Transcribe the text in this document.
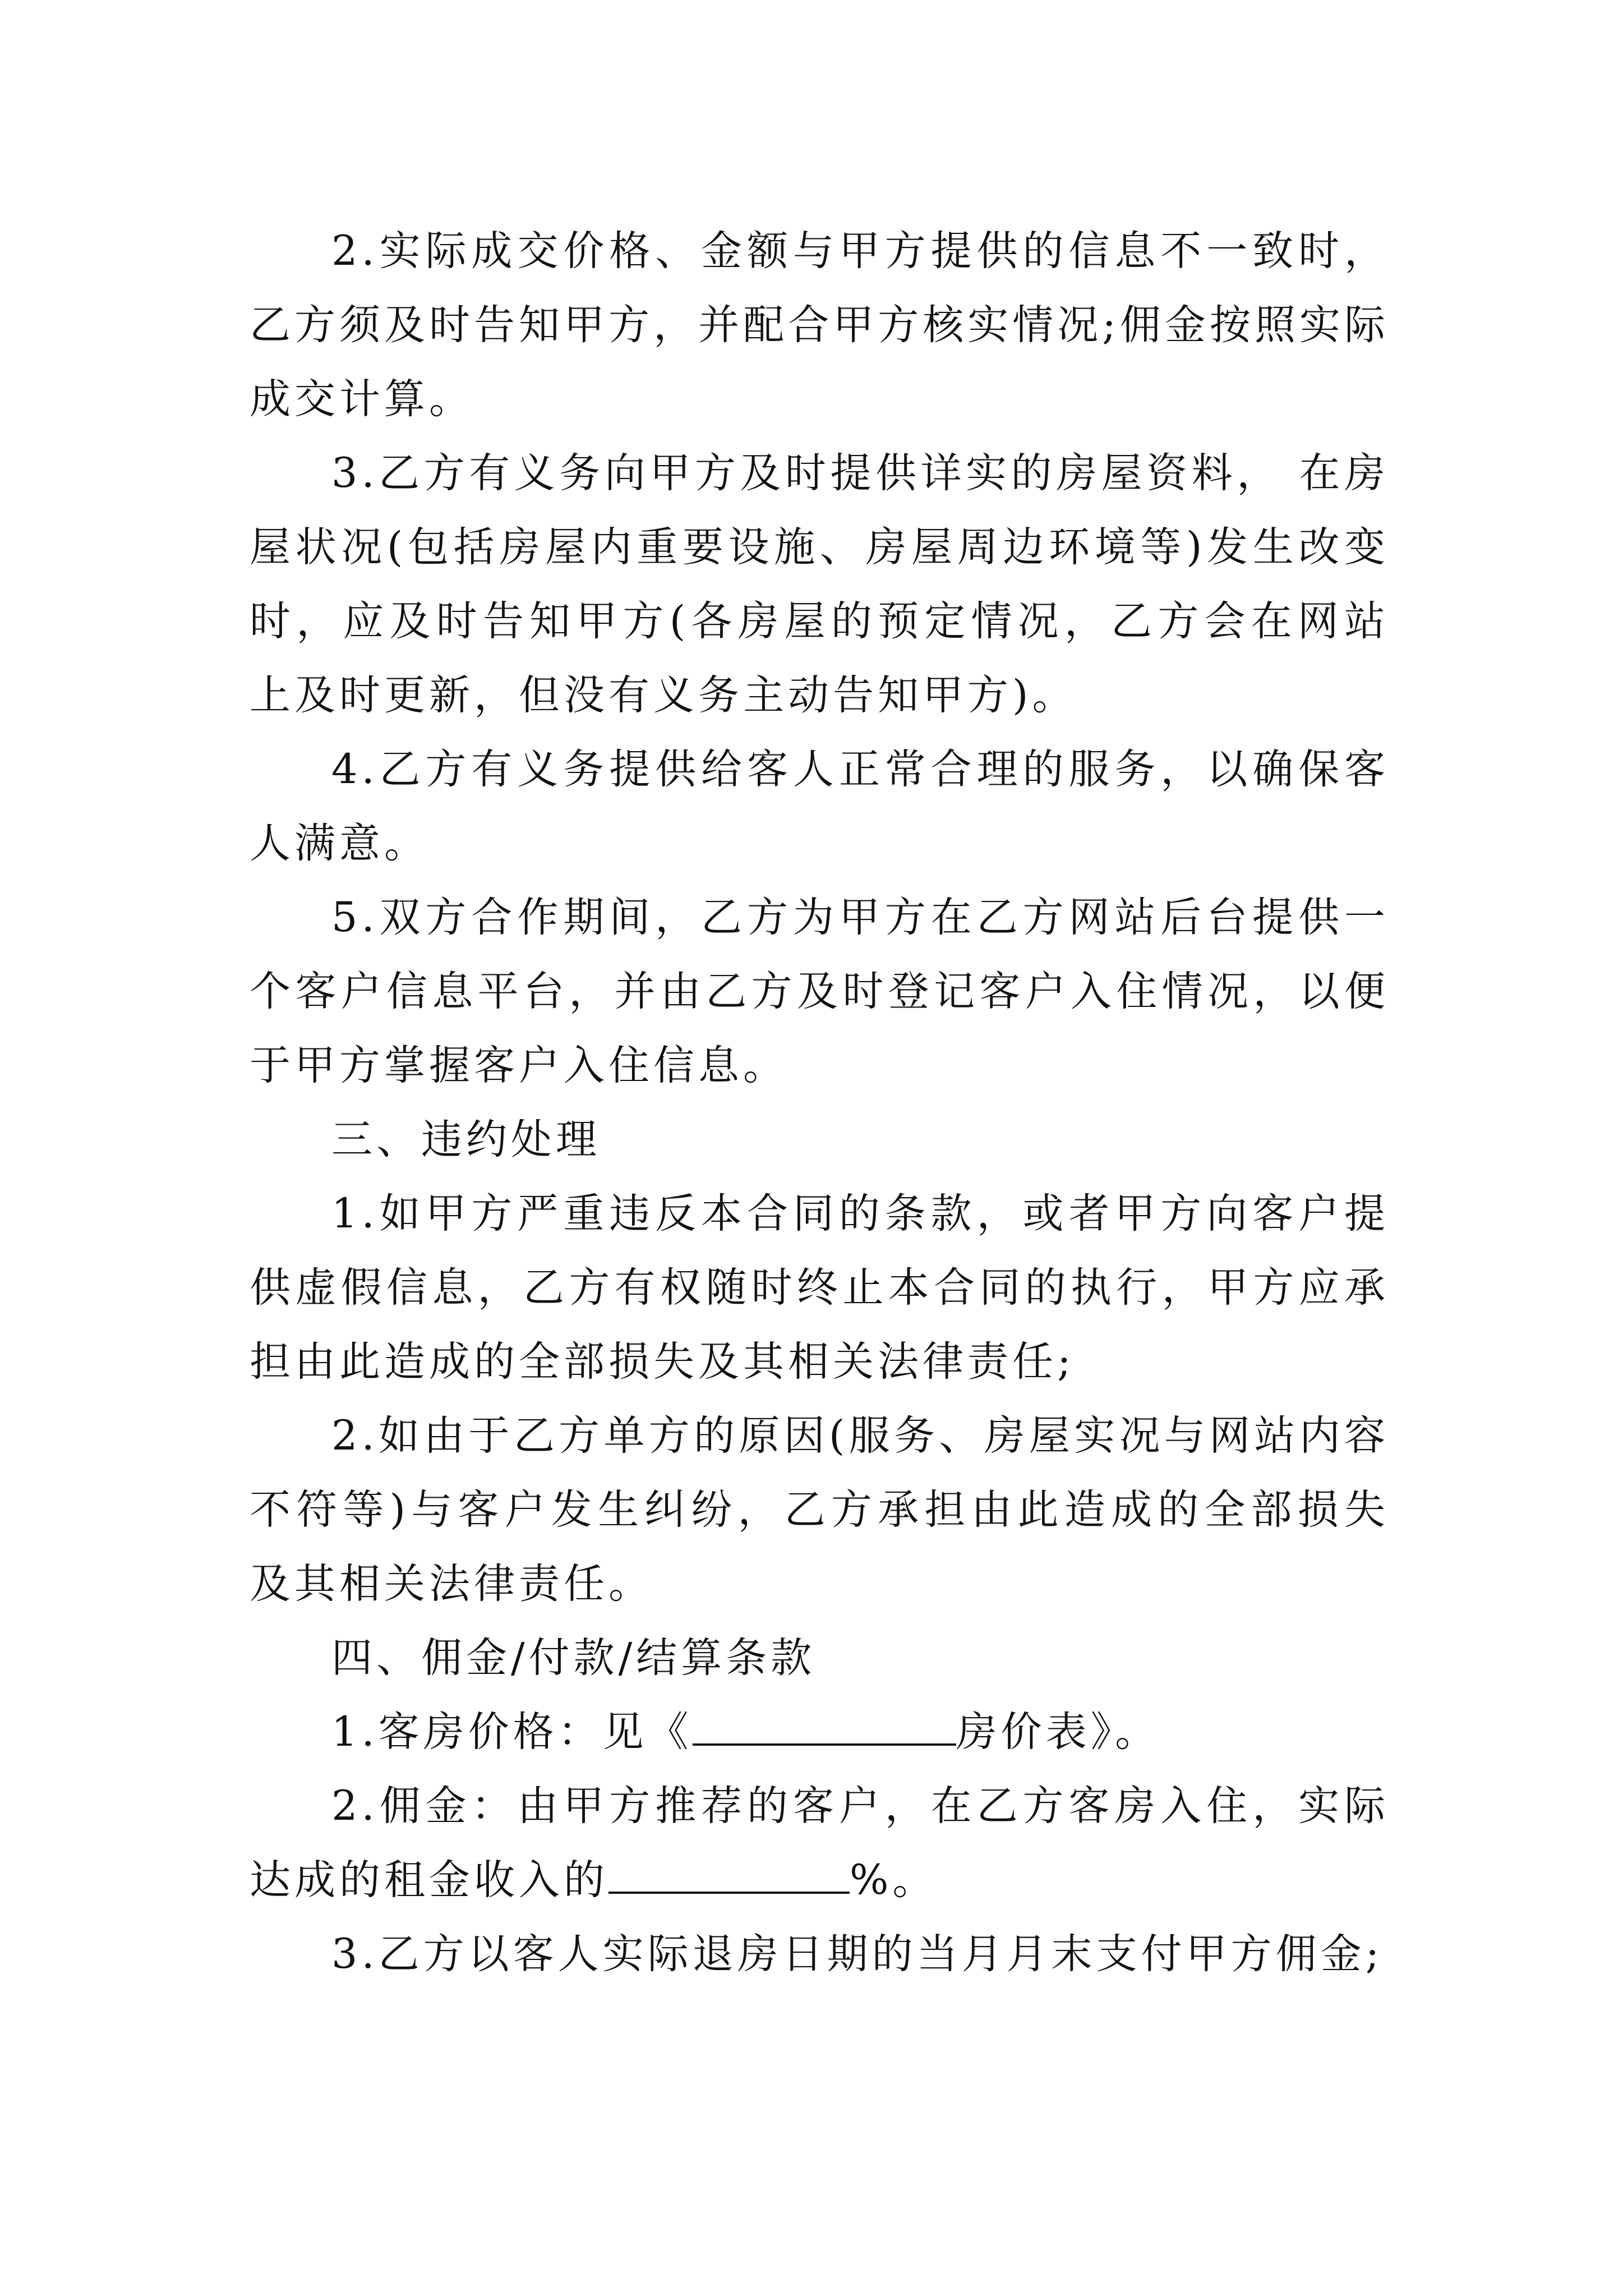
2.实际成交价格、金额与甲方提供的信息不一致时，乙方须及时告知甲方，并配合甲方核实情况;佣金按照实际成交计算。

3.乙方有义务向甲方及时提供详实的房屋资料， 在房屋状况(包括房屋内重要设施、房屋周边环境等)发生改变时，应及时告知甲方(各房屋的预定情况，乙方会在网站上及时更新，但没有义务主动告知甲方)。

4.乙方有义务提供给客人正常合理的服务，以确保客人满意。

5.双方合作期间，乙方为甲方在乙方网站后台提供一个客户信息平台，并由乙方及时登记客户入住情况，以便于甲方掌握客户入住信息。

三、违约处理

1.如甲方严重违反本合同的条款，或者甲方向客户提供虚假信息，乙方有权随时终止本合同的执行，甲方应承担由此造成的全部损失及其相关法律责任;

2.如由于乙方单方的原因(服务、房屋实况与网站内容不符等)与客户发生纠纷，乙方承担由此造成的全部损失及其相关法律责任。

四、佣金/付款/结算条款

1.客房价格：见《	房价表》。

2.佣金：由甲方推荐的客户，在乙方客房入住，实际达成的租金收入的	%。

3.乙方以客人实际退房日期的当月月末支付甲方佣金;
